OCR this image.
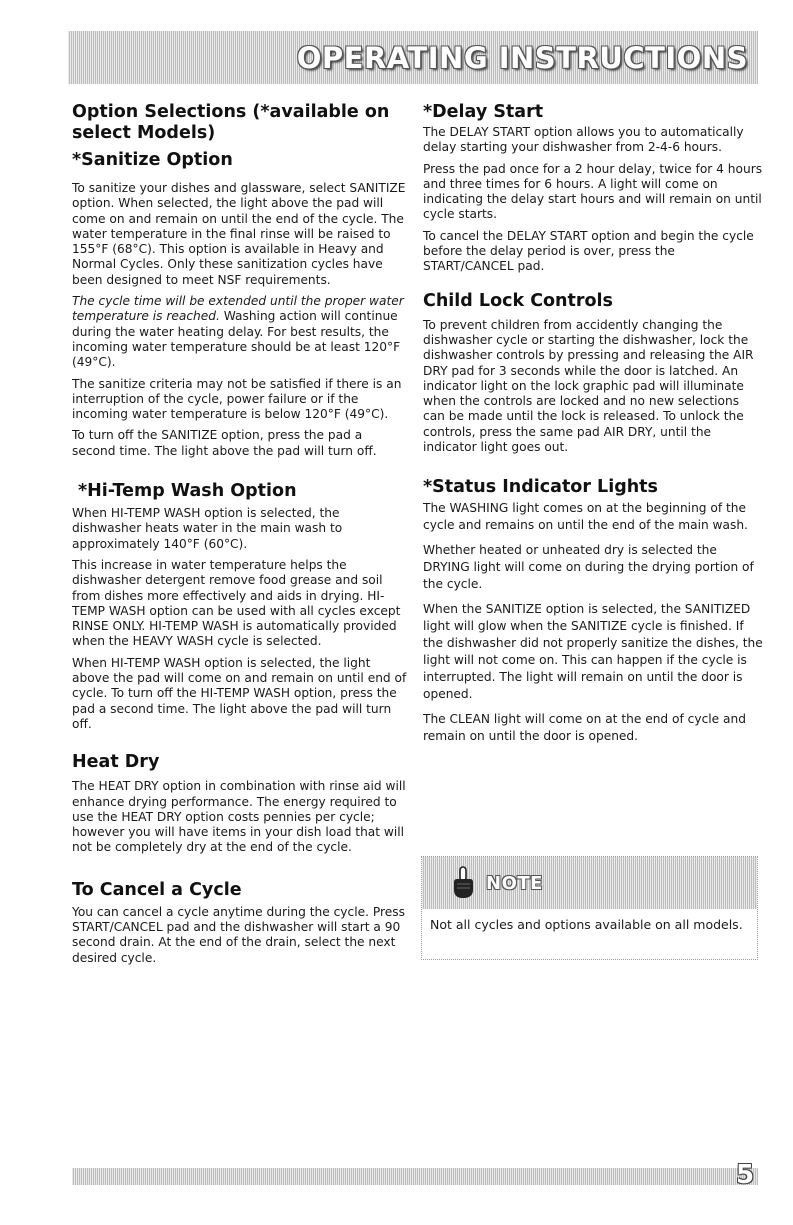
OPERATING INSTRUCTIONS
Option Selections (*available on select Models)
*Sanitize Option

To sanitize your dishes and glassware, select SANITIZE option. When selected, the light above the pad will come on and remain on until the end of the cycle. The water temperature in the final rinse will be raised to 155°F (68°C). This option is available in Heavy and Normal Cycles. Only these sanitization cycles have been designed to meet NSF requirements.

The cycle time will be extended until the proper water temperature is reached. Washing action will continue during the water heating delay. For best results, the incoming water temperature should be at least 120°F (49°C).

The sanitize criteria may not be satisfied if there is an interruption of the cycle, power failure or if the incoming water temperature is below 120°F (49°C).

To turn off the SANITIZE option, press the pad a second time. The light above the pad will turn off.

*Hi-Temp Wash Option

When HI-TEMP WASH option is selected, the dishwasher heats water in the main wash to approximately 140°F (60°C).

This increase in water temperature helps the dishwasher detergent remove food grease and soil from dishes more effectively and aids in drying. HI-TEMP WASH option can be used with all cycles except RINSE ONLY. HI-TEMP WASH is automatically provided when the HEAVY WASH cycle is selected.

When HI-TEMP WASH option is selected, the light above the pad will come on and remain on until end of cycle. To turn off the HI-TEMP WASH option, press the pad a second time. The light above the pad will turn off.

Heat Dry

The HEAT DRY option in combination with rinse aid will enhance drying performance. The energy required to use the HEAT DRY option costs pennies per cycle; however you will have items in your dish load that will not be completely dry at the end of the cycle.

To Cancel a Cycle

You can cancel a cycle anytime during the cycle. Press START/CANCEL pad and the dishwasher will start a 90 second drain. At the end of the drain, select the next desired cycle.

*Delay Start

The DELAY START option allows you to automatically delay starting your dishwasher from 2-4-6 hours.

Press the pad once for a 2 hour delay, twice for 4 hours and three times for 6 hours. A light will come on indicating the delay start hours and will remain on until cycle starts.

To cancel the DELAY START option and begin the cycle before the delay period is over, press the START/CANCEL pad.

Child Lock Controls

To prevent children from accidently changing the dishwasher cycle or starting the dishwasher, lock the dishwasher controls by pressing and releasing the AIR DRY pad for 3 seconds while the door is latched. An indicator light on the lock graphic pad will illuminate when the controls are locked and no new selections can be made until the lock is released. To unlock the controls, press the same pad AIR DRY, until the indicator light goes out.

*Status Indicator Lights

The WASHING light comes on at the beginning of the cycle and remains on until the end of the main wash.

Whether heated or unheated dry is selected the DRYING light will come on during the drying portion of the cycle.

When the SANITIZE option is selected, the SANITIZED light will glow when the SANITIZE cycle is finished. If the dishwasher did not properly sanitize the dishes, the light will not come on. This can happen if the cycle is interrupted. The light will remain on until the door is opened.

The CLEAN light will come on at the end of cycle and remain on until the door is opened.

NOTE
Not all cycles and options available on all models.
5
